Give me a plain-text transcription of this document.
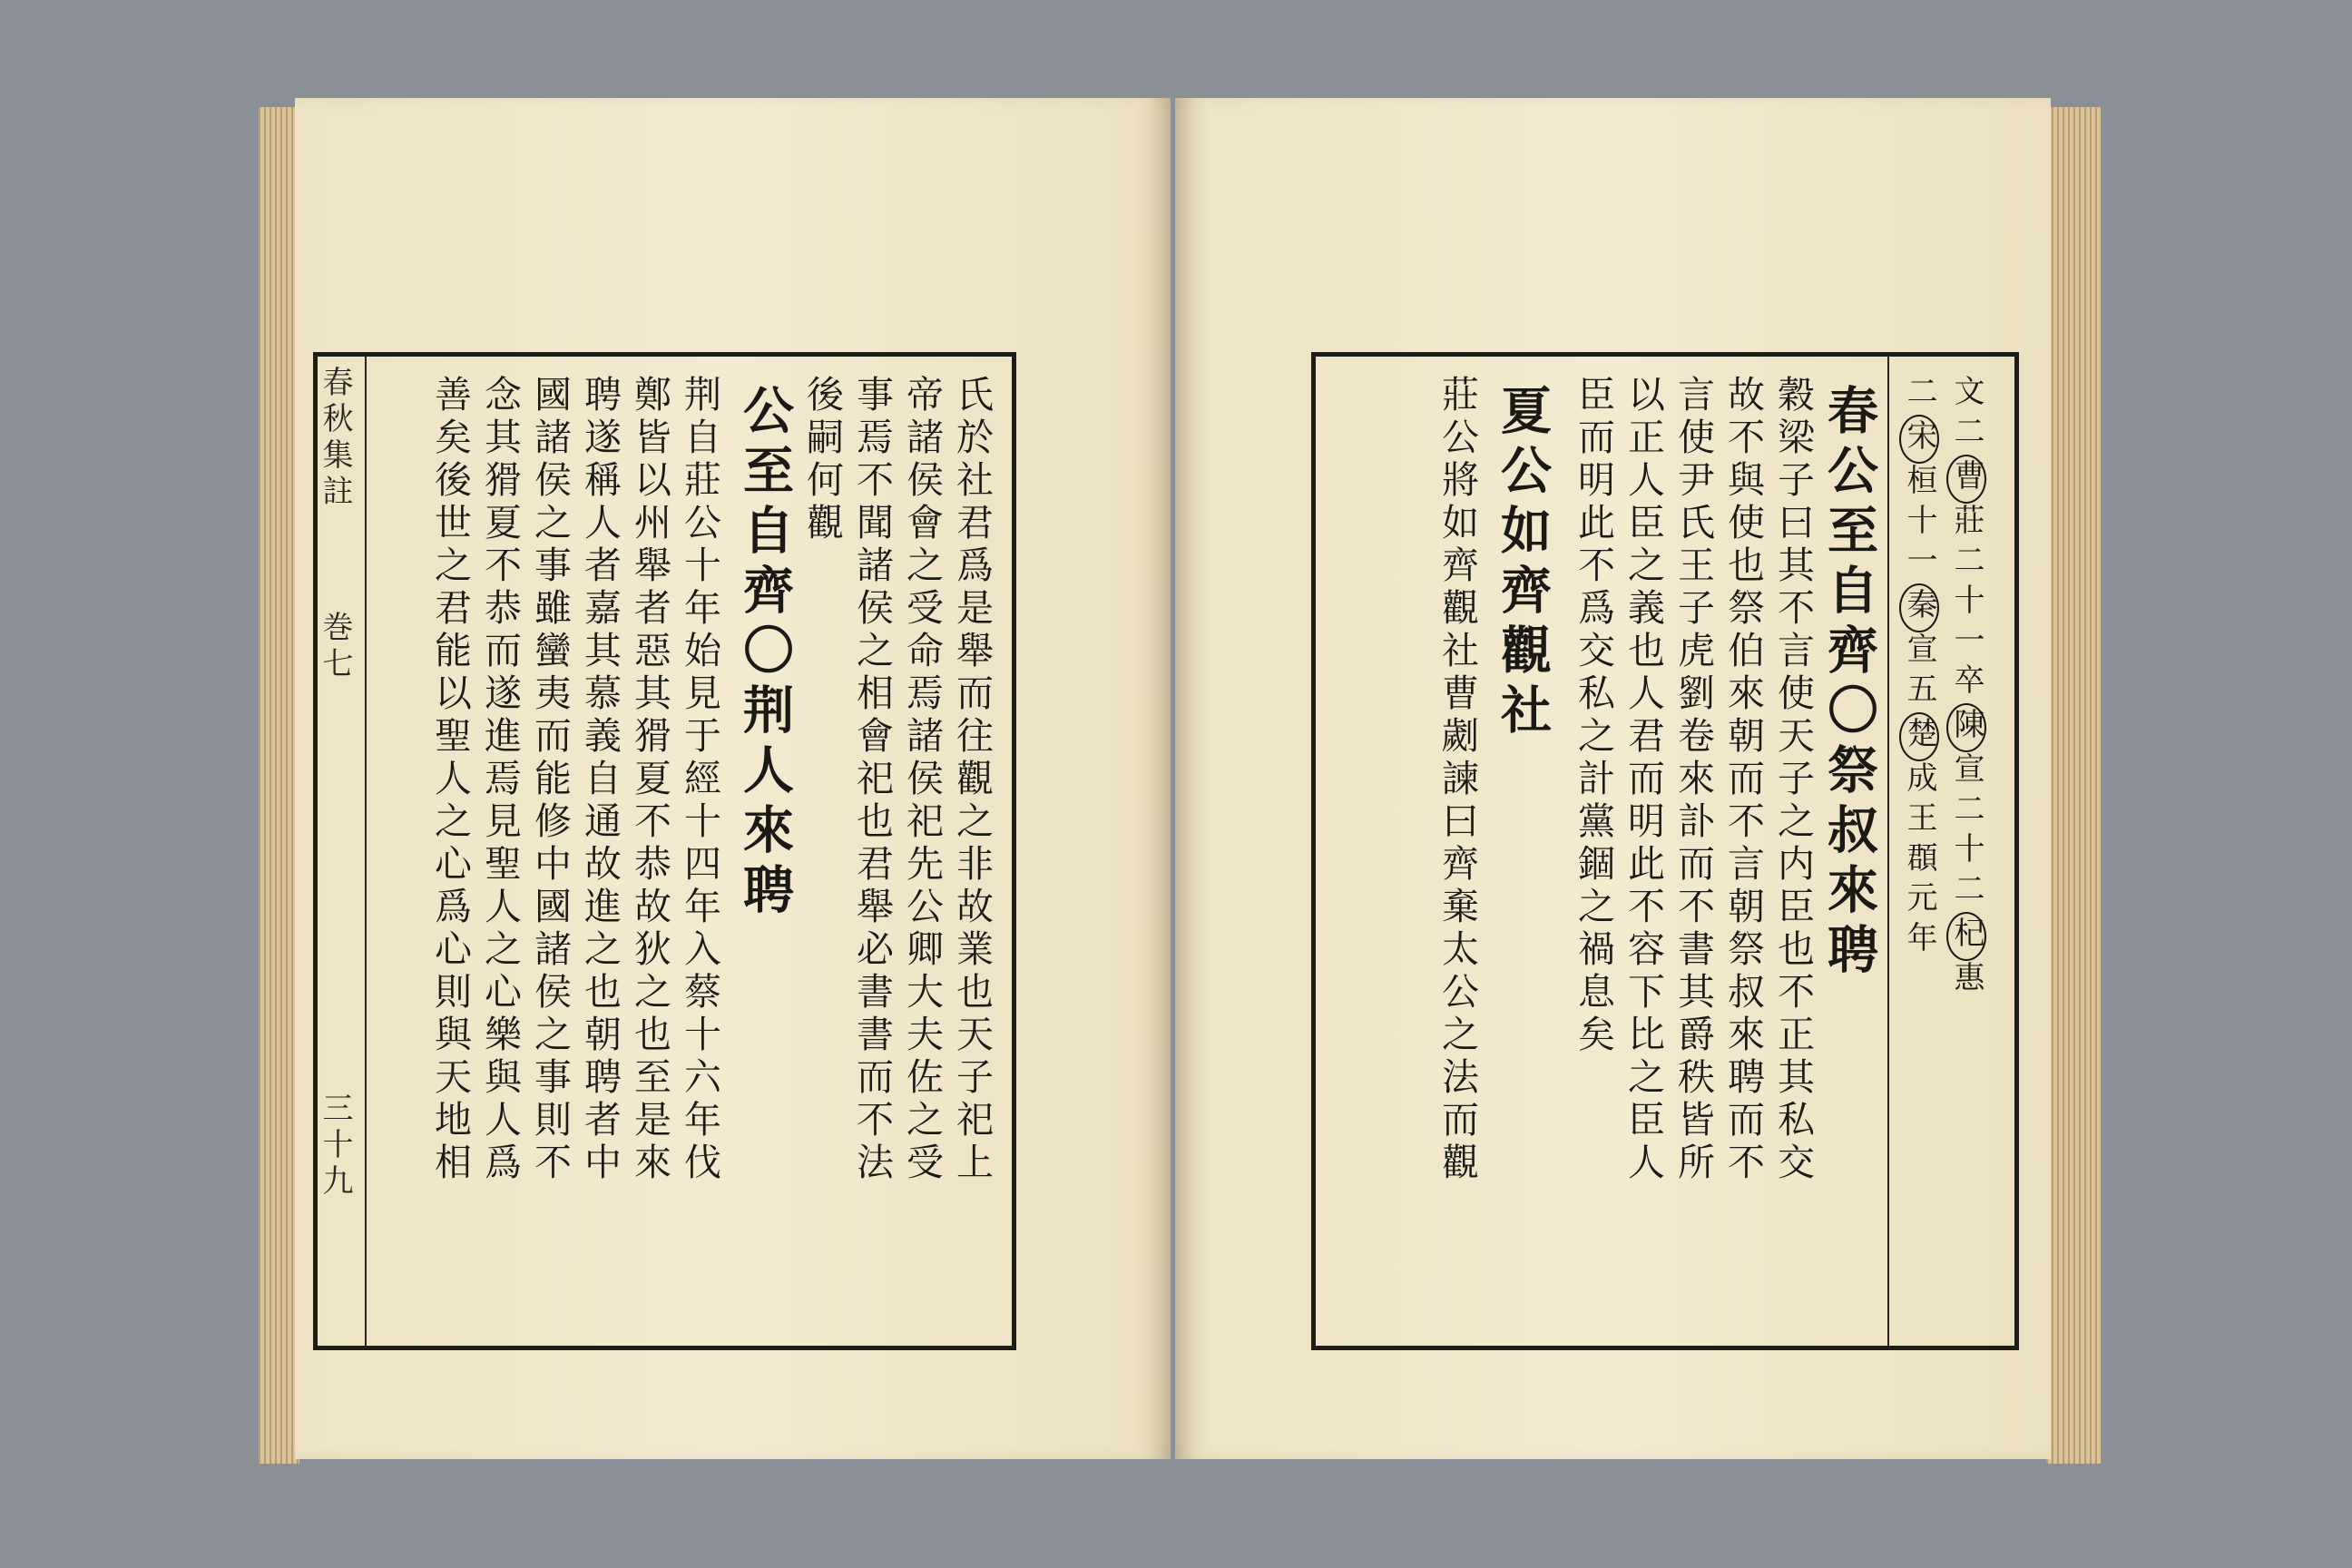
春秋集註
巻七
三十九	氏於社君爲是舉而往觀之非故業也天子祀上
帝諸侯會之受命焉諸侯祀先公卿大夫佐之受
事焉不聞諸侯之相會祀也君舉必書書而不法
後嗣何觀
公至自齊〇荆人來聘
荆自莊公十年始見于經十四年入蔡十六年伐
鄭皆以州舉者惡其猾夏不恭故狄之也至是來
聘遂稱人者嘉其慕義自通故進之也朝聘者中
國諸侯之事雖蠻夷而能修中國諸侯之事則不
念其猾夏不恭而遂進焉見聖人之心樂與人爲
善矣後世之君能以聖人之心爲心則與天地相	文二曹莊二十一卒陳宣二十二杞惠
二宋桓十一秦宣五楚成王頵元年
春公至自齊〇祭叔來聘
穀梁子曰其不言使天子之内臣也不正其私交
故不與使也祭伯來朝而不言朝祭叔來聘而不
言使尹氏王子虎劉卷來訃而不書其爵秩皆所
以正人臣之義也人君而明此不容下比之臣人
臣而明此不爲交私之計黨錮之禍息矣
夏公如齊觀社
莊公將如齊觀社曹劌諫曰齊棄太公之法而觀
